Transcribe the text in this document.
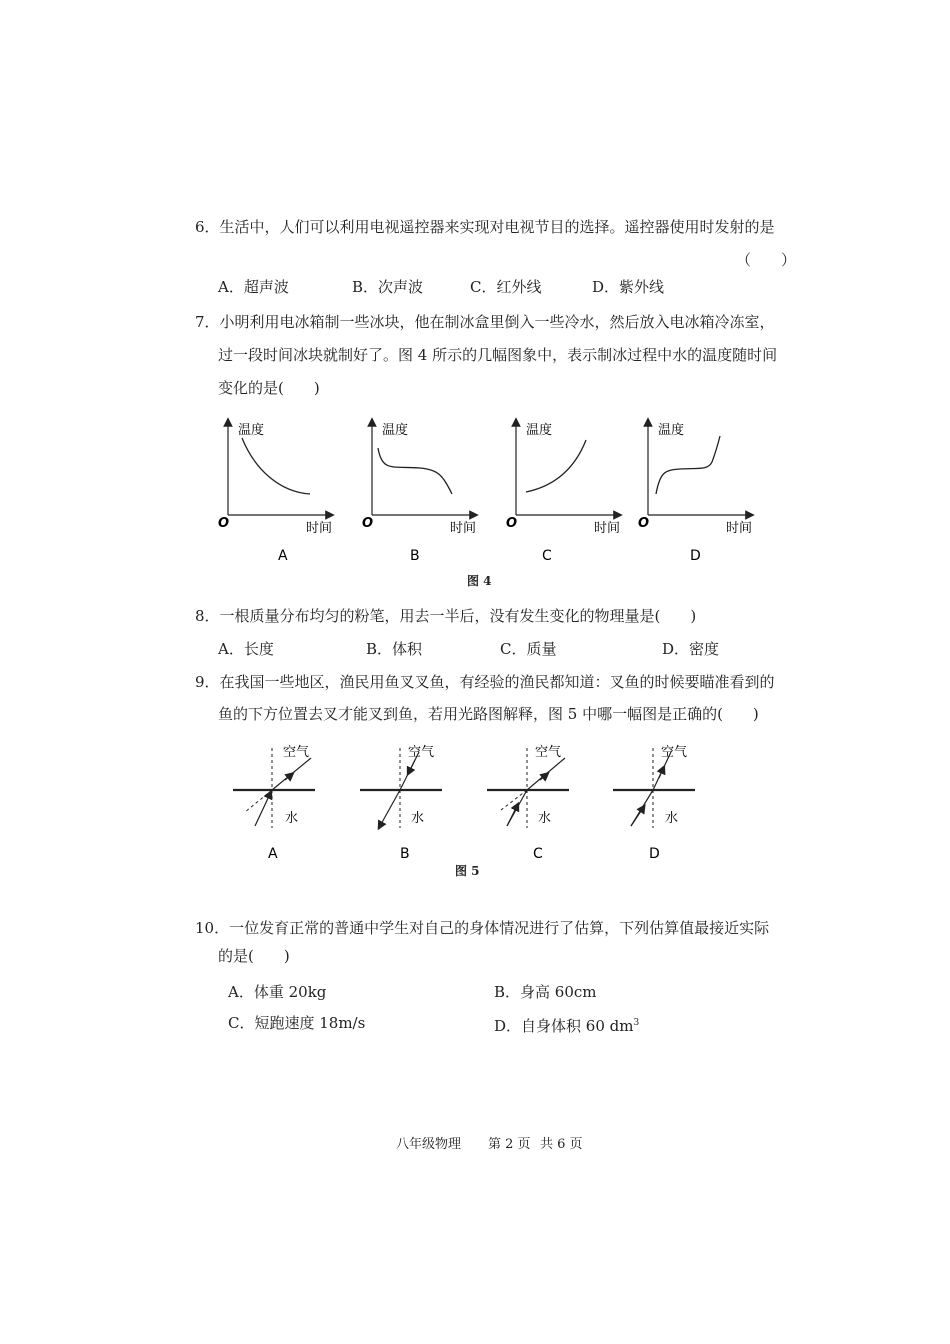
6．生活中，人们可以利用电视遥控器来实现对电视节目的选择。遥控器使用时发射的是
（　　）
A．超声波	B．次声波	C．红外线	D．紫外线
7．小明利用电冰箱制一些冰块，他在制冰盒里倒入一些冷水，然后放入电冰箱冷冻室，
过一段时间冰块就制好了。图 4 所示的几幅图象中，表示制冰过程中水的温度随时间
变化的是(　　)
温度
时间
O
温度
时间
O
温度
时间
O
温度
时间
O
A	B	C	D
图 4
8．一根质量分布均匀的粉笔，用去一半后，没有发生变化的物理量是(　　)
A．长度	B．体积	C．质量	D．密度
9．在我国一些地区，渔民用鱼叉叉鱼，有经验的渔民都知道：叉鱼的时候要瞄准看到的
鱼的下方位置去叉才能叉到鱼，若用光路图解释，图 5 中哪一幅图是正确的(　　)
空气
水
空气
水
空气
水
空气
水
A	B	C	D
图 5
10．一位发育正常的普通中学生对自己的身体情况进行了估算，下列估算值最接近实际
的是(　　)
A．体重 20kg	B．身高 60cm
C．短跑速度 18m/s	D．自身体积 60 $dm^3$
八年级物理 第 2 页 共 6 页
